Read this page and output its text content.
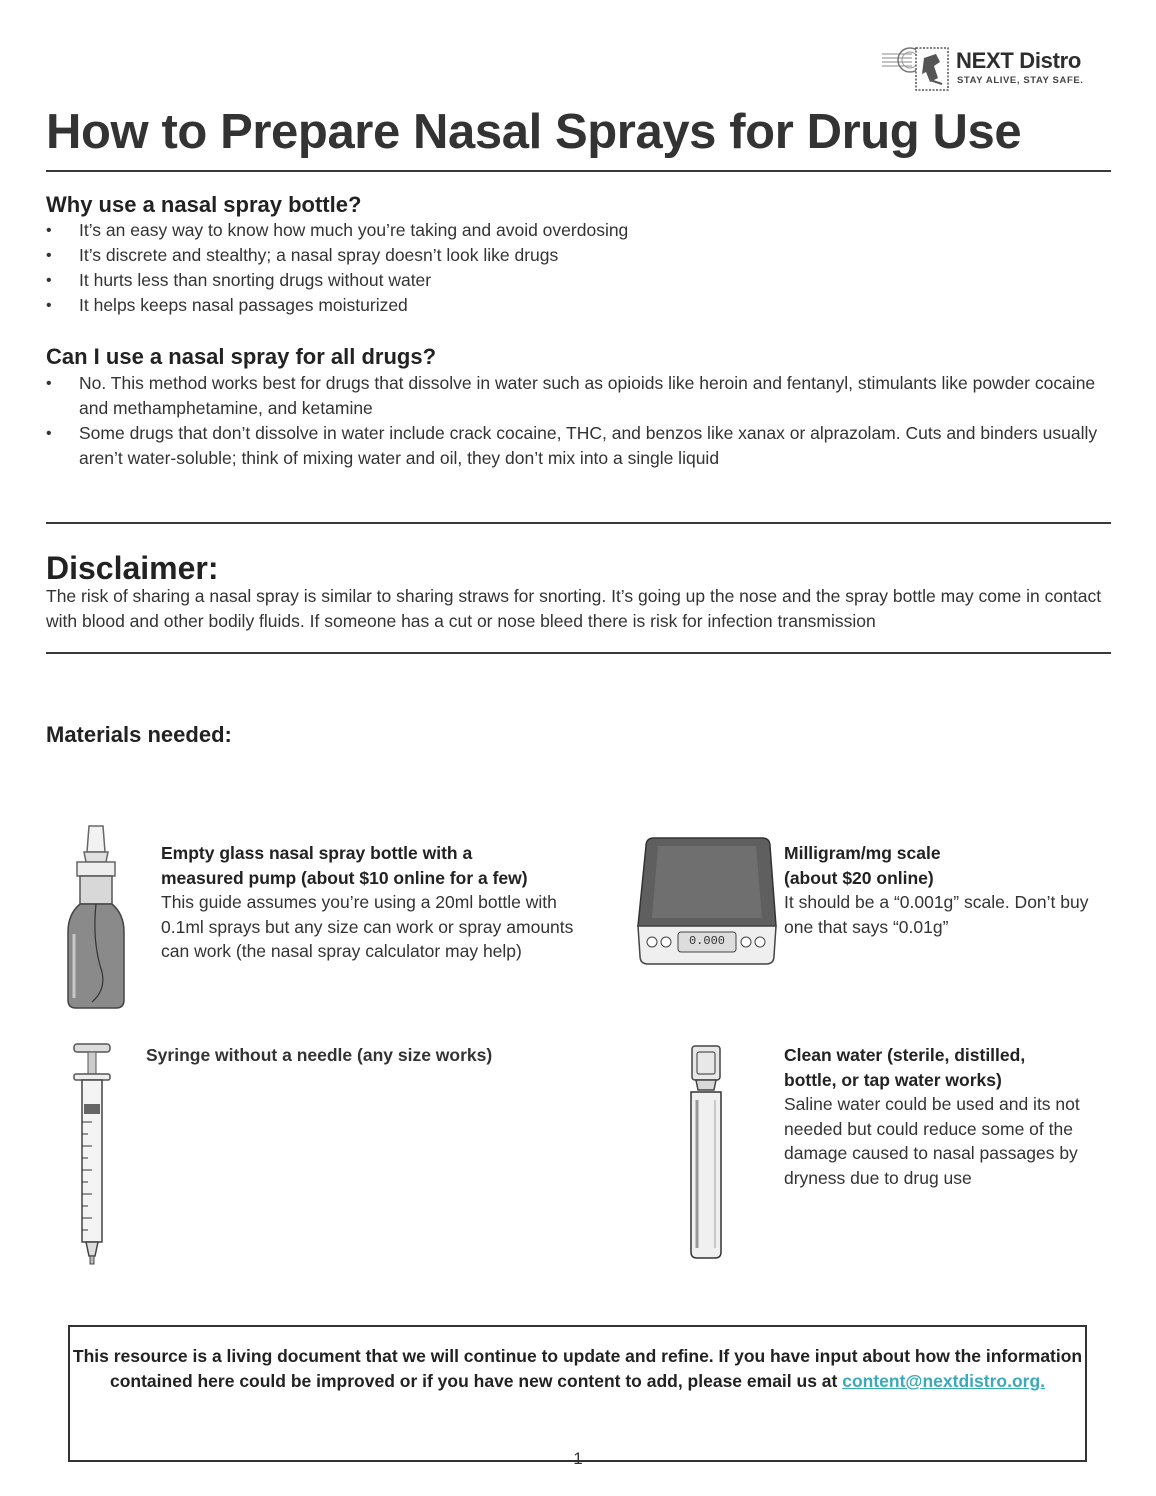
NEXT Distro
STAY ALIVE, STAY SAFE.
How to Prepare Nasal Sprays for Drug Use
Why use a nasal spray bottle?
• It’s an easy way to know how much you’re taking and avoid overdosing
• It’s discrete and stealthy; a nasal spray doesn’t look like drugs
• It hurts less than snorting drugs without water
• It helps keeps nasal passages moisturized
Can I use a nasal spray for all drugs?
• No. This method works best for drugs that dissolve in water such as opioids like heroin and fentanyl, stimulants like powder cocaine and methamphetamine, and ketamine
• Some drugs that don’t dissolve in water include crack cocaine, THC, and benzos like xanax or alprazolam. Cuts and binders usually aren’t water-soluble; think of mixing water and oil, they don’t mix into a single liquid
Disclaimer:

The risk of sharing a nasal spray is similar to sharing straws for snorting. It’s going up the nose and the spray bottle may come in contact with blood and other bodily fluids. If someone has a cut or nose bleed there is risk for infection transmission

Materials needed:
Empty glass nasal spray bottle with a
measured pump (about $10 online for a few)
This guide assumes you’re using a 20ml bottle with 0.1ml sprays but any size can work or spray amounts can work (the nasal spray calculator may help)
0.000
Milligram/mg scale
(about $20 online)
It should be a “0.001g” scale. Don’t buy one that says “0.01g”
Syringe without a needle (any size works)	Clean water (sterile, distilled,
bottle, or tap water works)
Saline water could be used and its not needed but could reduce some of the damage caused to nasal passages by dryness due to drug use
This resource is a living document that we will continue to update and refine. If you have input about how the information contained here could be improved or if you have new content to add, please email us at content@nextdistro.org.
1
